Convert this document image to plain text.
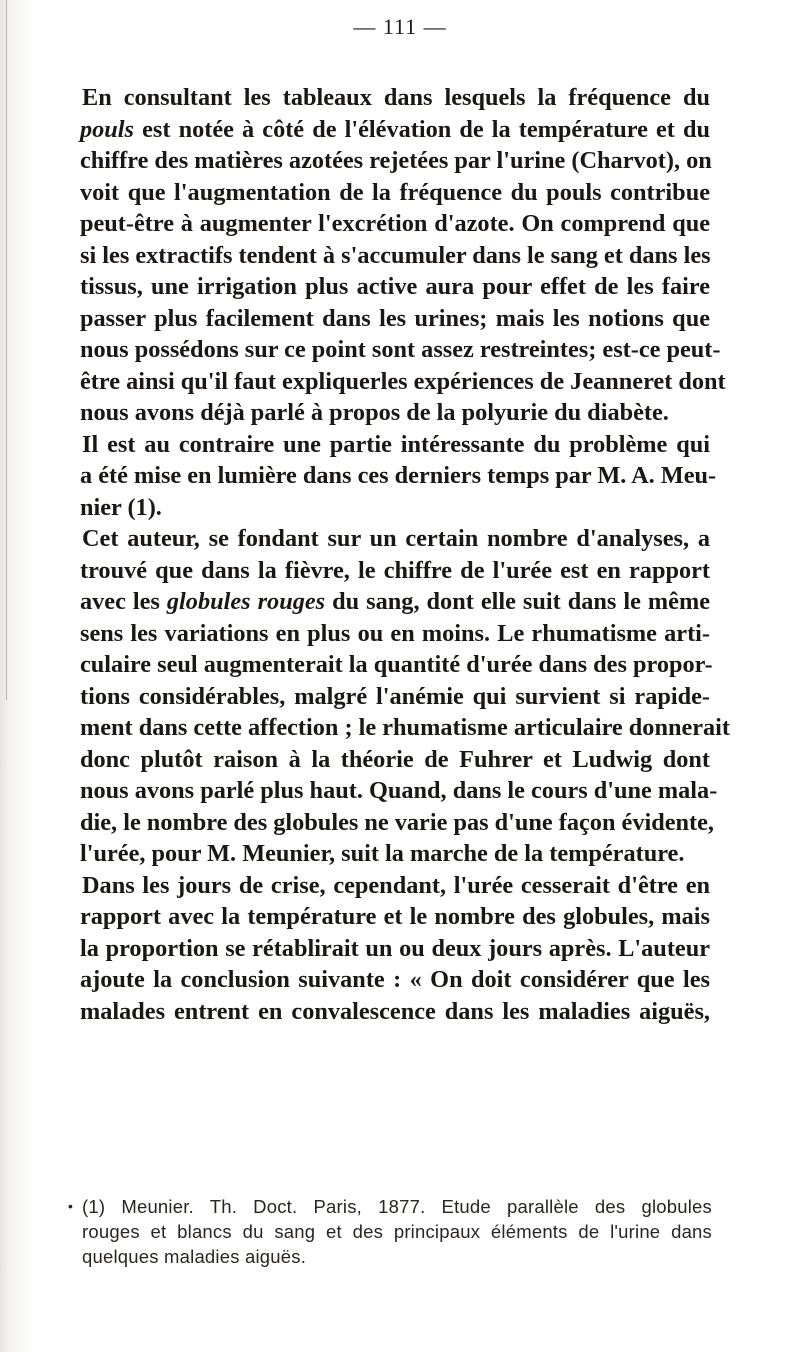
— 111 —

En consultant les tableaux dans lesquels la fréquence du
pouls est notée à côté de l'élévation de la température et du
chiffre des matières azotées rejetées par l'urine (Charvot), on
voit que l'augmentation de la fréquence du pouls contribue
peut-être à augmenter l'excrétion d'azote. On comprend que
si les extractifs tendent à s'accumuler dans le sang et dans les
tissus, une irrigation plus active aura pour effet de les faire
passer plus facilement dans les urines; mais les notions que
nous possédons sur ce point sont assez restreintes; est-ce peut-
être ainsi qu'il faut expliquerles expériences de Jeanneret dont
nous avons déjà parlé à propos de la polyurie du diabète.

Il est au contraire une partie intéressante du problème qui
a été mise en lumière dans ces derniers temps par M. A. Meu-
nier (1).

Cet auteur, se fondant sur un certain nombre d'analyses, a
trouvé que dans la fièvre, le chiffre de l'urée est en rapport
avec les globules rouges du sang, dont elle suit dans le même
sens les variations en plus ou en moins. Le rhumatisme arti-
culaire seul augmenterait la quantité d'urée dans des propor-
tions considérables, malgré l'anémie qui survient si rapide-
ment dans cette affection ; le rhumatisme articulaire donnerait
donc plutôt raison à la théorie de Fuhrer et Ludwig dont
nous avons parlé plus haut. Quand, dans le cours d'une mala-
die, le nombre des globules ne varie pas d'une façon évidente,
l'urée, pour M. Meunier, suit la marche de la température.

Dans les jours de crise, cependant, l'urée cesserait d'être en
rapport avec la température et le nombre des globules, mais
la proportion se rétablirait un ou deux jours après. L'auteur
ajoute la conclusion suivante : « On doit considérer que les
malades entrent en convalescence dans les maladies aiguës,

• (1) Meunier. Th. Doct. Paris, 1877. Etude parallèle des globules
rouges et blancs du sang et des principaux éléments de l'urine dans
quelques maladies aiguës.
